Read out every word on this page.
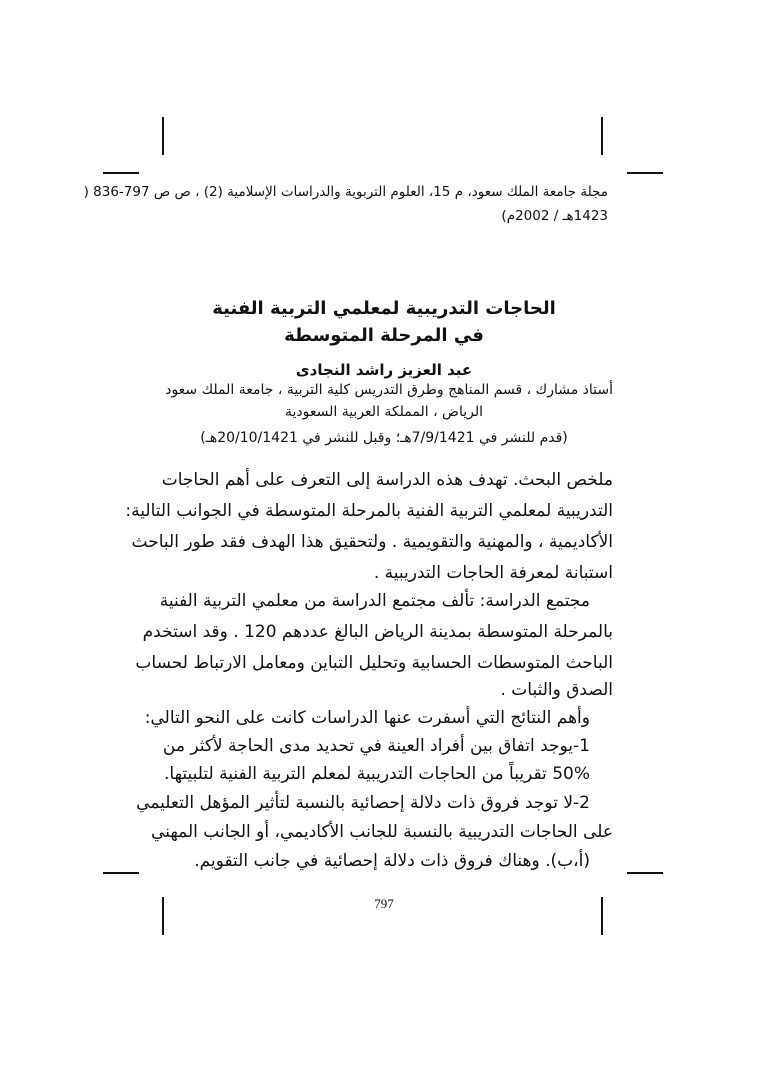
مجلة جامعة الملك سعود، م 15، العلوم التربوية والدراسات الإسلامية (2) ، ص ص 797-836 (
1423هـ / 2002م)
الحاجات التدريبية لمعلمي التربية الفنية
في المرحلة المتوسطة
عبد العزيز راشد النجادى
أستاذ مشارك ، قسم المناهج وطرق التدريس كلية التربية ، جامعة الملك سعود
الرياض ، المملكة العربية السعودية
(قدم للنشر في 7/9/1421هـ؛ وقبل للنشر في 20/10/1421هـ)
ملخص البحث. تهدف هذه الدراسة إلى التعرف على أهم الحاجات
التدريبية لمعلمي التربية الفنية بالمرحلة المتوسطة في الجوانب التالية:
الأكاديمية ، والمهنية والتقويمية . ولتحقيق هذا الهدف فقد طور الباحث
استبانة لمعرفة الحاجات التدريبية .
مجتمع الدراسة: تألف مجتمع الدراسة من معلمي التربية الفنية
بالمرحلة المتوسطة بمدينة الرياض البالغ عددهم 120 . وقد استخدم
الباحث المتوسطات الحسابية وتحليل التباين ومعامل الارتباط لحساب
الصدق والثبات .
وأهم النتائج التي أسفرت عنها الدراسات كانت على النحو التالي:
1-يوجد اتفاق بين أفراد العينة في تحديد مدى الحاجة لأكثر من
50% تقريباً من الحاجات التدريبية لمعلم التربية الفنية لتلبيتها.
2-لا توجد فروق ذات دلالة إحصائية بالنسبة لتأثير المؤهل التعليمي
على الحاجات التدريبية بالنسبة للجانب الأكاديمي، أو الجانب المهني
(أ،ب). وهناك فروق ذات دلالة إحصائية في جانب التقويم.
797
